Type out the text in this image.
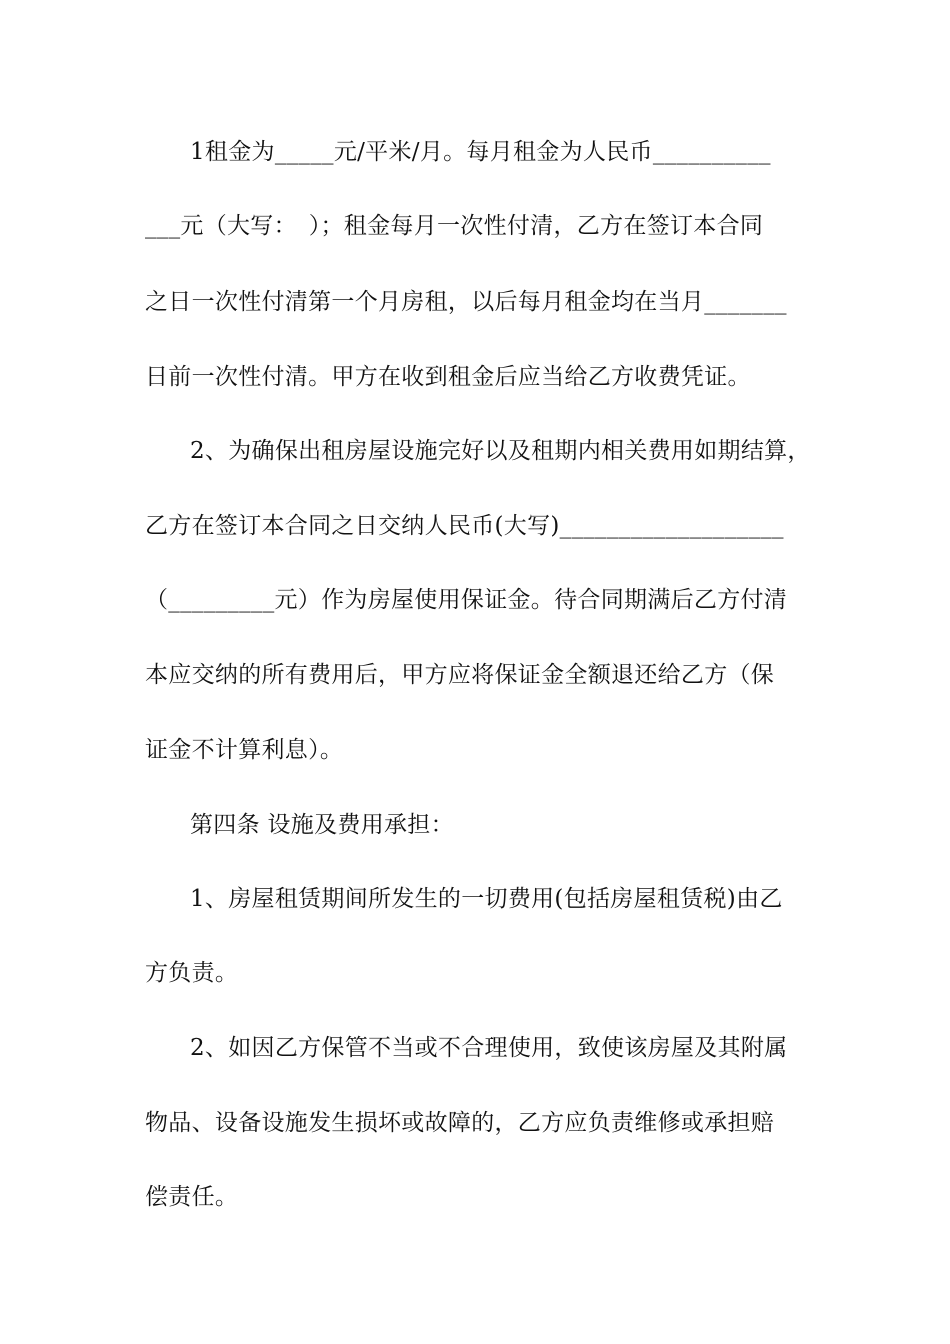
1租金为_____元/平米/月。每月租金为人民币__________
___元（大写：　）；租金每月一次性付清，乙方在签订本合同
之日一次性付清第一个月房租，以后每月租金均在当月_______
日前一次性付清。甲方在收到租金后应当给乙方收费凭证。
2、为确保出租房屋设施完好以及租期内相关费用如期结算，
乙方在签订本合同之日交纳人民币(大写)___________________
（_________元）作为房屋使用保证金。待合同期满后乙方付清
本应交纳的所有费用后，甲方应将保证金全额退还给乙方（保
证金不计算利息）。
第四条 设施及费用承担：
1、房屋租赁期间所发生的一切费用(包括房屋租赁税)由乙
方负责。
2、如因乙方保管不当或不合理使用，致使该房屋及其附属
物品、设备设施发生损坏或故障的，乙方应负责维修或承担赔
偿责任。
